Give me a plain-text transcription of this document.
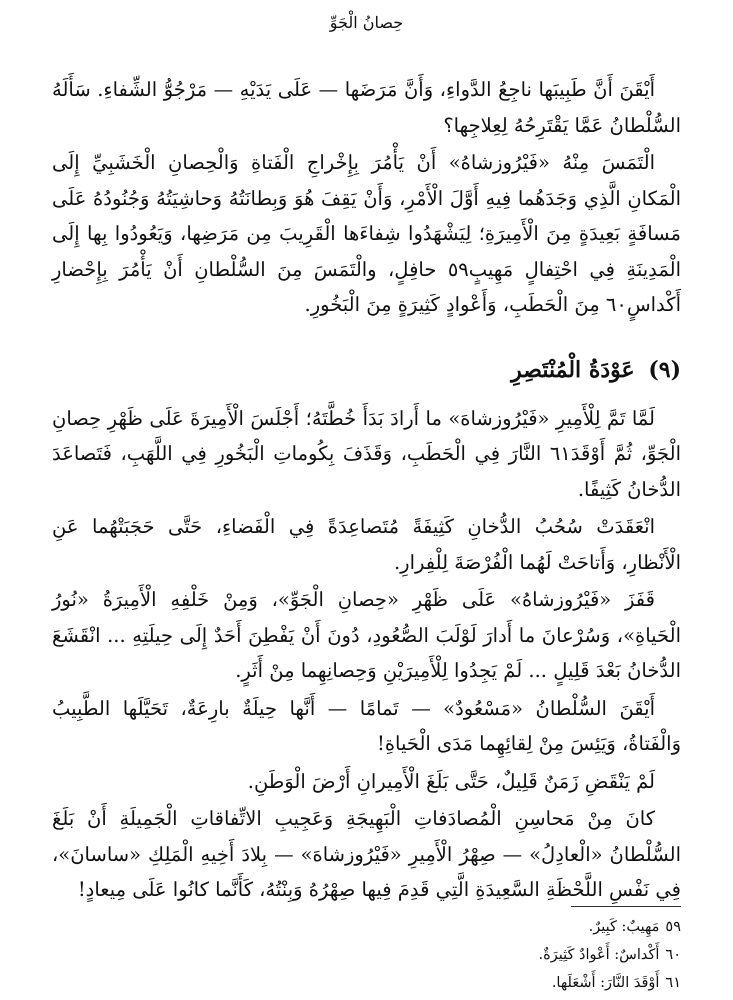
حِصانُ الْجَوِّ

أَيْقَنَ أَنَّ طَبِيبَها ناجِعُ الدَّواءِ، وَأَنَّ مَرَضَها — عَلَى يَدَيْهِ — مَرْجُوُّ الشِّفاءِ. سَأَلَهُ السُّلْطانُ عَمَّا يَقْتَرِحُهُ لِعِلاجِها؟

الْتَمَسَ مِنْهُ «فَيْرُوزشاهُ» أَنْ يَأْمُرَ بِإِخْراجِ الْفَتاةِ وَالْحِصانِ الْخَشَبِيِّ إِلَى الْمَكانِ الَّذِي وَجَدَهُما فِيهِ أَوَّلَ الْأَمْرِ، وَأَنْ يَقِفَ هُوَ وَبِطانَتُهُ وَحاشِيَتُهُ وَجُنُودُهُ عَلَى مَسافَةٍ بَعِيدَةٍ مِنَ الْأَمِيرَةِ؛ لِيَشْهَدُوا شِفاءَها الْقَرِيبَ مِن مَرَضِها، وَيَعُودُوا بِها إِلَى الْمَدِينَةِ فِي احْتِفالٍ مَهِيبٍ٥٩ حافِلٍ، والْتَمَسَ مِنَ السُّلْطانِ أَنْ يَأْمُرَ بِإِحْضارِ أَكْداسٍ٦٠ مِنَ الْحَطَبِ، وَأَعْوادٍ كَثِيرَةٍ مِنَ الْبَخُورِ.

(٩) عَوْدَةُ الْمُنْتَصِرِ

لَمَّا تَمَّ لِلْأَمِيرِ «فَيْرُوزشاهَ» ما أَرادَ بَدَأَ خُطَّتَهُ؛ أَجْلَسَ الْأَمِيرَةَ عَلَى ظَهْرِ حِصانِ الْجَوِّ، ثُمَّ أَوْقَدَ٦١ النَّارَ فِي الْحَطَبِ، وَقَذَفَ بِكُوماتِ الْبَخُورِ فِي اللَّهَبِ، فَتَصاعَدَ الدُّخانُ كَثِيفًا.

انْعَقَدَتْ سُحُبُ الدُّخانِ كَثِيفَةً مُتَصاعِدَةً فِي الْفَضاءِ، حَتَّى حَجَبَتْهُما عَنِ الْأَنْظارِ، وَأَتاحَتْ لَهُما الْفُرْصَةَ لِلْفِرارِ.

قَفَزَ «فَيْرُوزشاهُ» عَلَى ظَهْرِ «حِصانِ الْجَوِّ»، وَمِنْ خَلْفِهِ الْأَمِيرَةُ «نُورُ الْحَياةِ»، وَسُرْعانَ ما أَدارَ لَوْلَبَ الصُّعُودِ، دُونَ أَنْ يَفْطِنَ أَحَدٌ إِلَى حِيلَتِهِ ... انْقَشَعَ الدُّخانُ بَعْدَ قَلِيلٍ ... لَمْ يَجِدُوا لِلْأَمِيرَيْنِ وَحِصانِهِما مِنْ أَثَرٍ.

أَيْقَنَ السُّلْطانُ «مَسْعُودٌ» — تَمامًا — أَنَّها حِيلَةٌ بارِعَةٌ، تَحَيَّلَها الطَّبِيبُ وَالْفَتاةُ، وَيَئِسَ مِنْ لِقائِهِما مَدَى الْحَياةِ!

لَمْ يَنْقَضِ زَمَنٌ قَلِيلٌ، حَتَّى بَلَغَ الْأَمِيرانِ أَرْضَ الْوَطَنِ.

كانَ مِنْ مَحاسِنِ الْمُصادَفاتِ الْبَهِيجَةِ وَعَجِيبِ الاتِّفاقاتِ الْجَمِيلَةِ أَنْ بَلَغَ السُّلْطانُ «الْعادِلُ» — صِهْرُ الْأَمِيرِ «فَيْرُوزشاهَ» — بِلادَ أَخِيهِ الْمَلِكِ «ساسانَ»، فِي نَفْسِ اللَّحْظَةِ السَّعِيدَةِ الَّتِي قَدِمَ فِيها صِهْرُهُ وَبِنْتُهُ، كَأَنَّما كانُوا عَلَى مِيعادٍ!

٥٩مَهِيبٌ: كَبِيرٌ.
٦٠أَكْداسٌ: أَعْوادٌ كَثِيرَةٌ.
٦١أَوْقَدَ النَّارَ: أَشْعَلَها.
